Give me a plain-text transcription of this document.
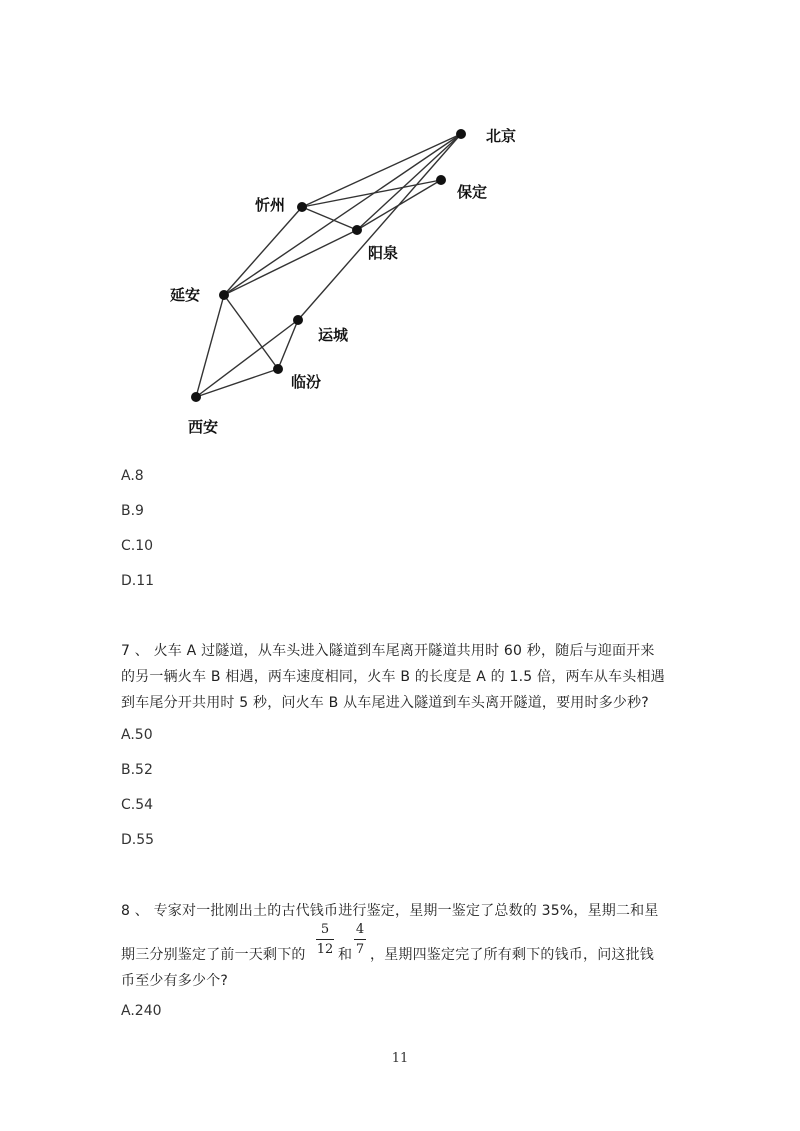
北京
保定
忻州
阳泉
延安
运城
临汾
西安
A.8
B.9
C.10
D.11
7 、 火车 A 过隧道，从车头进入隧道到车尾离开隧道共用时 60 秒，随后与迎面开来
的另一辆火车 B 相遇，两车速度相同，火车 B 的长度是 A 的 1.5 倍，两车从车头相遇
到车尾分开共用时 5 秒，问火车 B 从车尾进入隧道到车头离开隧道，要用时多少秒?
A.50
B.52
C.54
D.55
8 、 专家对一批刚出土的古代钱币进行鉴定，星期一鉴定了总数的 35%，星期二和星
期三分别鉴定了前一天剩下的
5
12 和
4
7 ，星期四鉴定完了所有剩下的钱币，问这批钱
币至少有多少个?
A.240
11
